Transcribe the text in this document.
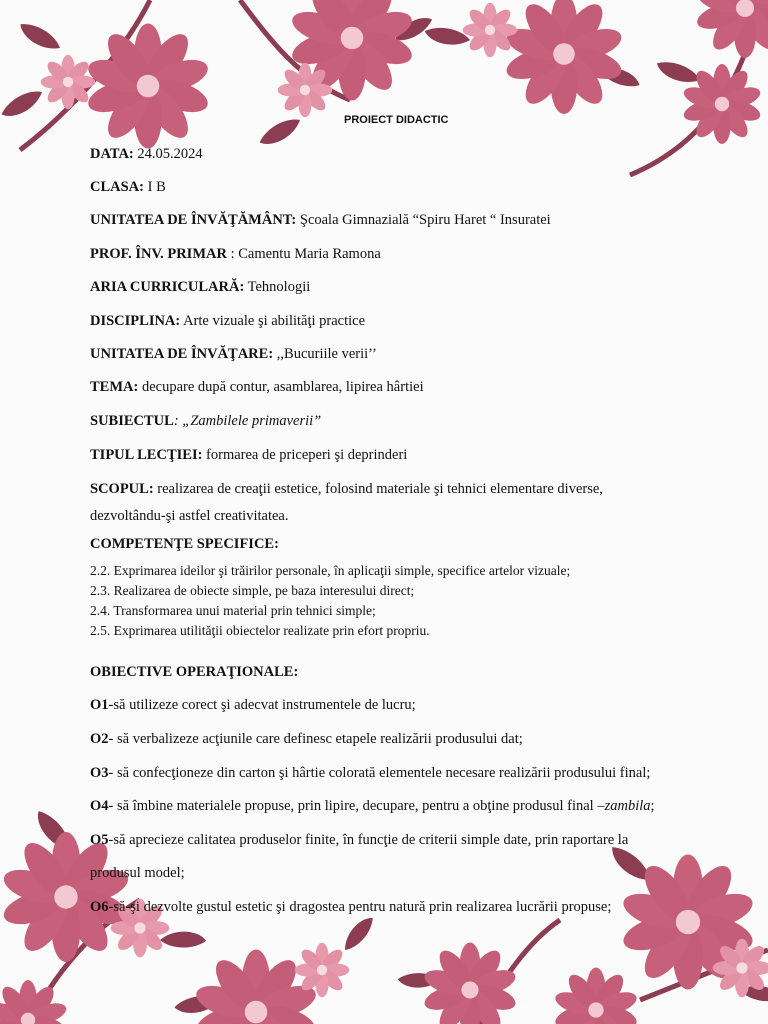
PROIECT DIDACTIC
DATA: 24.05.2024
CLASA: I B
UNITATEA DE ÎNVĂŢĂMÂNT: Şcoala Gimnazială “Spiru Haret “ Insuratei
PROF. ÎNV. PRIMAR : Camentu Maria Ramona
ARIA CURRICULARĂ: Tehnologii
DISCIPLINA: Arte vizuale şi abilităţi practice
UNITATEA DE ÎNVĂŢARE: ,,Bucuriile verii’’
TEMA: decupare după contur, asamblarea, lipirea hârtiei
SUBIECTUL: „Zambilele primaverii”
TIPUL LECŢIEI: formarea de priceperi şi deprinderi
SCOPUL: realizarea de creaţii estetice, folosind materiale şi tehnici elementare diverse,
dezvoltându-şi astfel creativitatea.
COMPETENŢE SPECIFICE:
2.2. Exprimarea ideilor şi trăirilor personale, în aplicaţii simple, specifice artelor vizuale;
2.3. Realizarea de obiecte simple, pe baza interesului direct;
2.4. Transformarea unui material prin tehnici simple;
2.5. Exprimarea utilităţii obiectelor realizate prin efort propriu.
OBIECTIVE OPERAŢIONALE:
O1-să utilizeze corect şi adecvat instrumentele de lucru;
O2- să verbalizeze acţiunile care definesc etapele realizării produsului dat;
O3- să confecţioneze din carton şi hârtie colorată elementele necesare realizării produsului final;
O4- să îmbine materialele propuse, prin lipire, decupare, pentru a obţine produsul final –zambila;
O5-să aprecieze calitatea produselor finite, în funcţie de criterii simple date, prin raportare la
produsul model;
O6-să-şi dezvolte gustul estetic şi dragostea pentru natură prin realizarea lucrării propuse;
